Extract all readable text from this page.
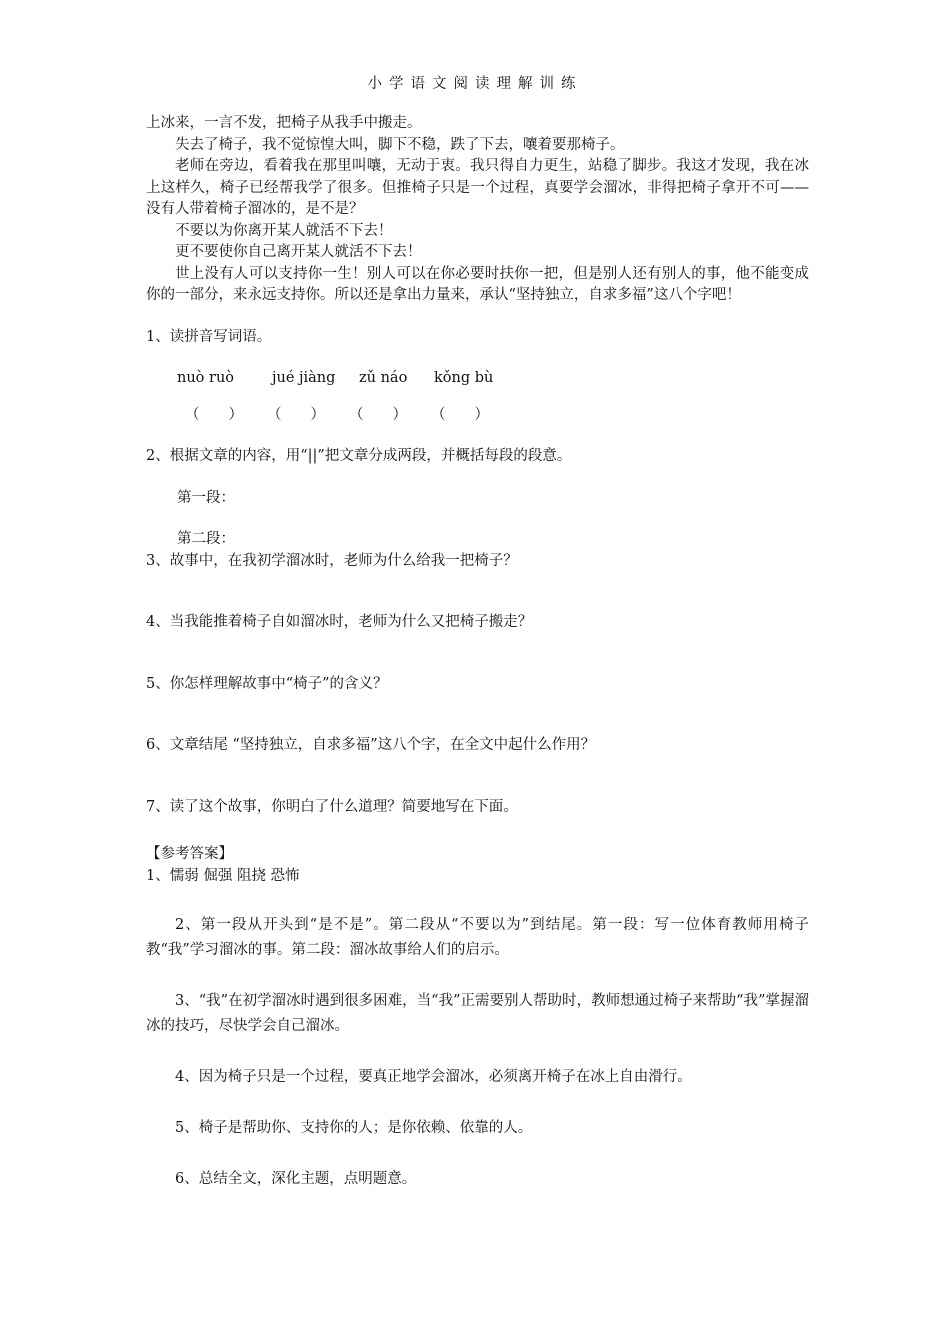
小学语文阅读理解训练
上冰来，一言不发，把椅子从我手中搬走。
失去了椅子，我不觉惊惶大叫，脚下不稳，跌了下去，嚷着要那椅子。
老师在旁边，看着我在那里叫嚷，无动于衷。我只得自力更生，站稳了脚步。我这才发现，我在冰上这样久，椅子已经帮我学了很多。但推椅子只是一个过程，真要学会溜冰，非得把椅子拿开不可——没有人带着椅子溜冰的，是不是？
不要以为你离开某人就活不下去！
更不要使你自己离开某人就活不下去！
世上没有人可以支持你一生！别人可以在你必要时扶你一把，但是别人还有别人的事，他不能变成你的一部分，来永远支持你。所以还是拿出力量来，承认“坚持独立，自求多福”这八个字吧！
1、读拼音写词语。
nuò ruò	jué jiàng	zǔ náo	kǒng bù
（　　）	（　　）	（　　）	（　　）
2、根据文章的内容，用“||”把文章分成两段，并概括每段的段意。
第一段：
第二段：
3、故事中，在我初学溜冰时，老师为什么给我一把椅子？
4、当我能推着椅子自如溜冰时，老师为什么又把椅子搬走？
5、你怎样理解故事中“椅子”的含义？
6、文章结尾 “坚持独立，自求多福”这八个字，在全文中起什么作用？
7、读了这个故事，你明白了什么道理？简要地写在下面。
【参考答案】
1、懦弱 倔强 阻挠 恐怖
2、第一段从开头到“是不是”。第二段从“不要以为”到结尾。第一段：写一位体育教师用椅子教“我”学习溜冰的事。第二段：溜冰故事给人们的启示。
3、“我”在初学溜冰时遇到很多困难，当“我”正需要别人帮助时，教师想通过椅子来帮助“我”掌握溜冰的技巧，尽快学会自己溜冰。
4、因为椅子只是一个过程，要真正地学会溜冰，必须离开椅子在冰上自由滑行。
5、椅子是帮助你、支持你的人；是你依赖、依靠的人。
6、总结全文，深化主题，点明题意。
